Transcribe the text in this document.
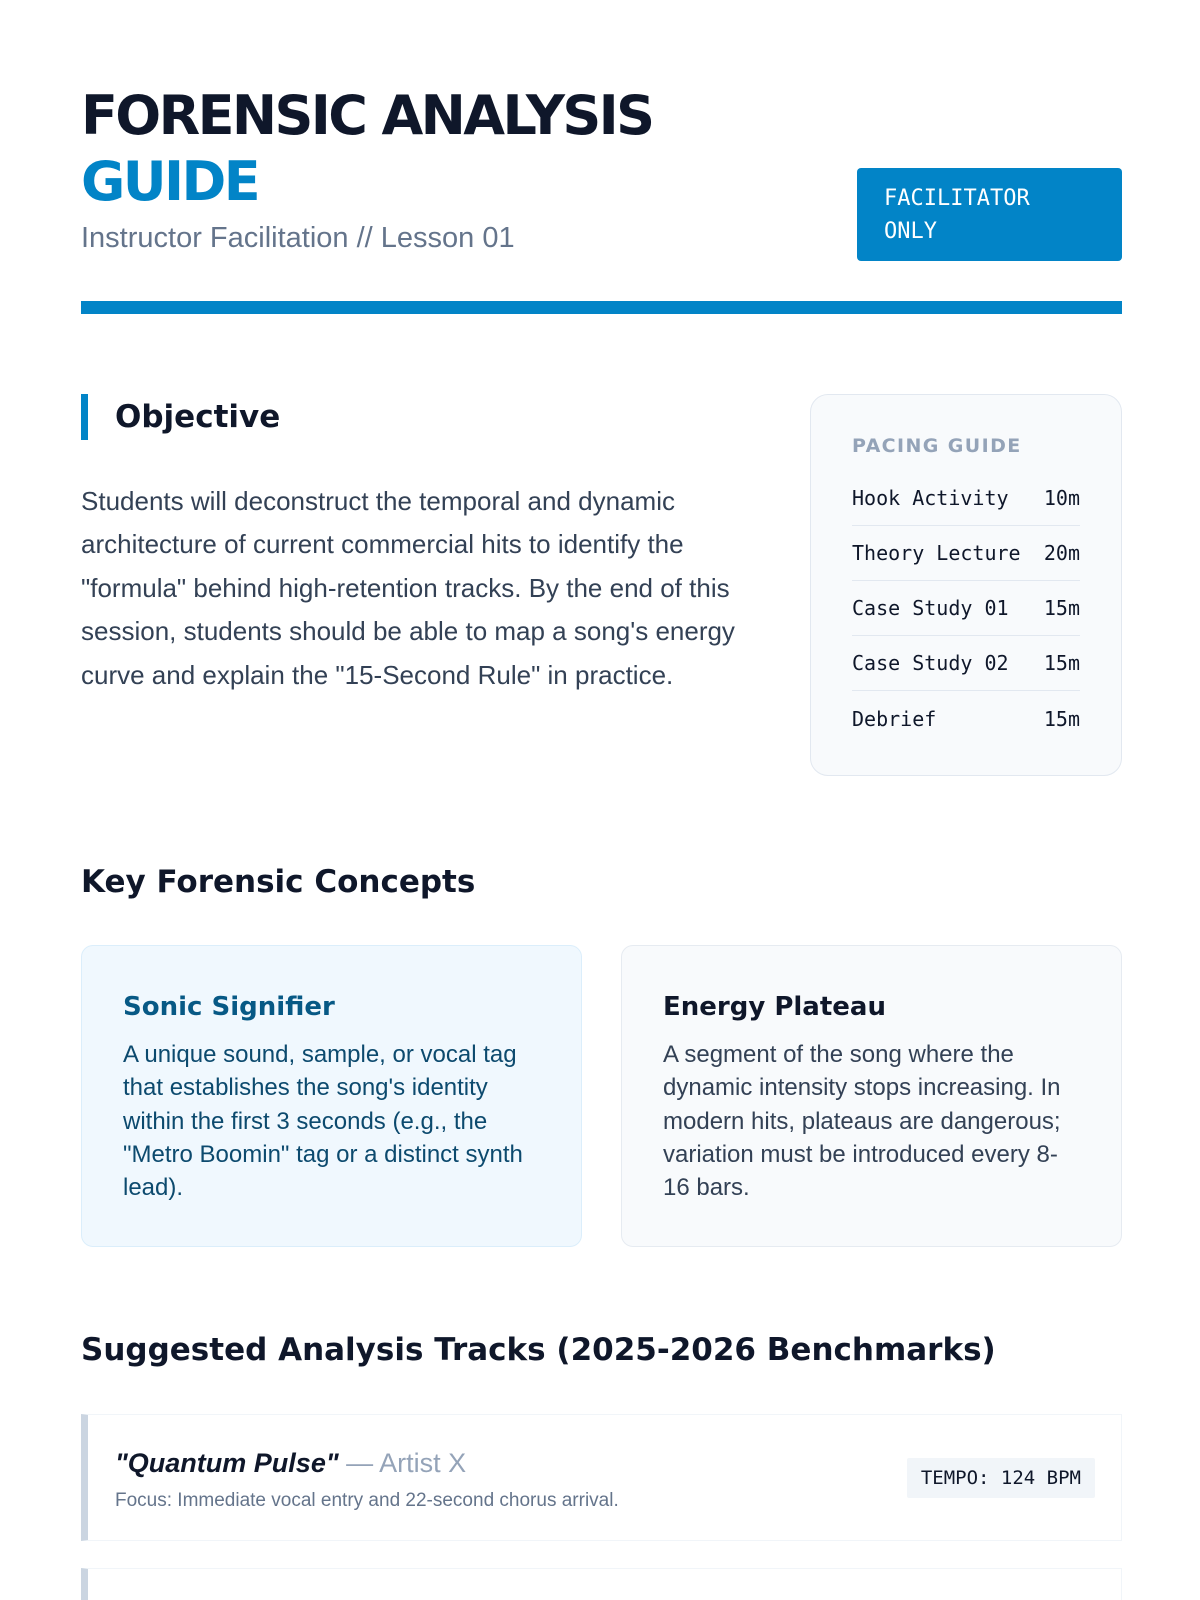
FORENSIC ANALYSIS
GUIDE
Instructor Facilitation // Lesson 01
FACILITATOR
ONLY
Objective

Students will deconstruct the temporal and dynamic architecture of current commercial hits to identify the "formula" behind high-retention tracks. By the end of this session, students should be able to map a song's energy curve and explain the "15-Second Rule" in practice.

PACING GUIDE
Hook Activity 10m
Theory Lecture 20m
Case Study 01 15m
Case Study 02 15m
Debrief	15m
Key Forensic Concepts
Sonic Signifier

A unique sound, sample, or vocal tag that establishes the song's identity within the first 3 seconds (e.g., the "Metro Boomin" tag or a distinct synth lead).

Energy Plateau

A segment of the song where the dynamic intensity stops increasing. In modern hits, plateaus are dangerous; variation must be introduced every 8-16 bars.

Suggested Analysis Tracks (2025-2026 Benchmarks)
"Quantum Pulse" — Artist X
Focus: Immediate vocal entry and 22-second chorus arrival.
TEMPO: 124 BPM
